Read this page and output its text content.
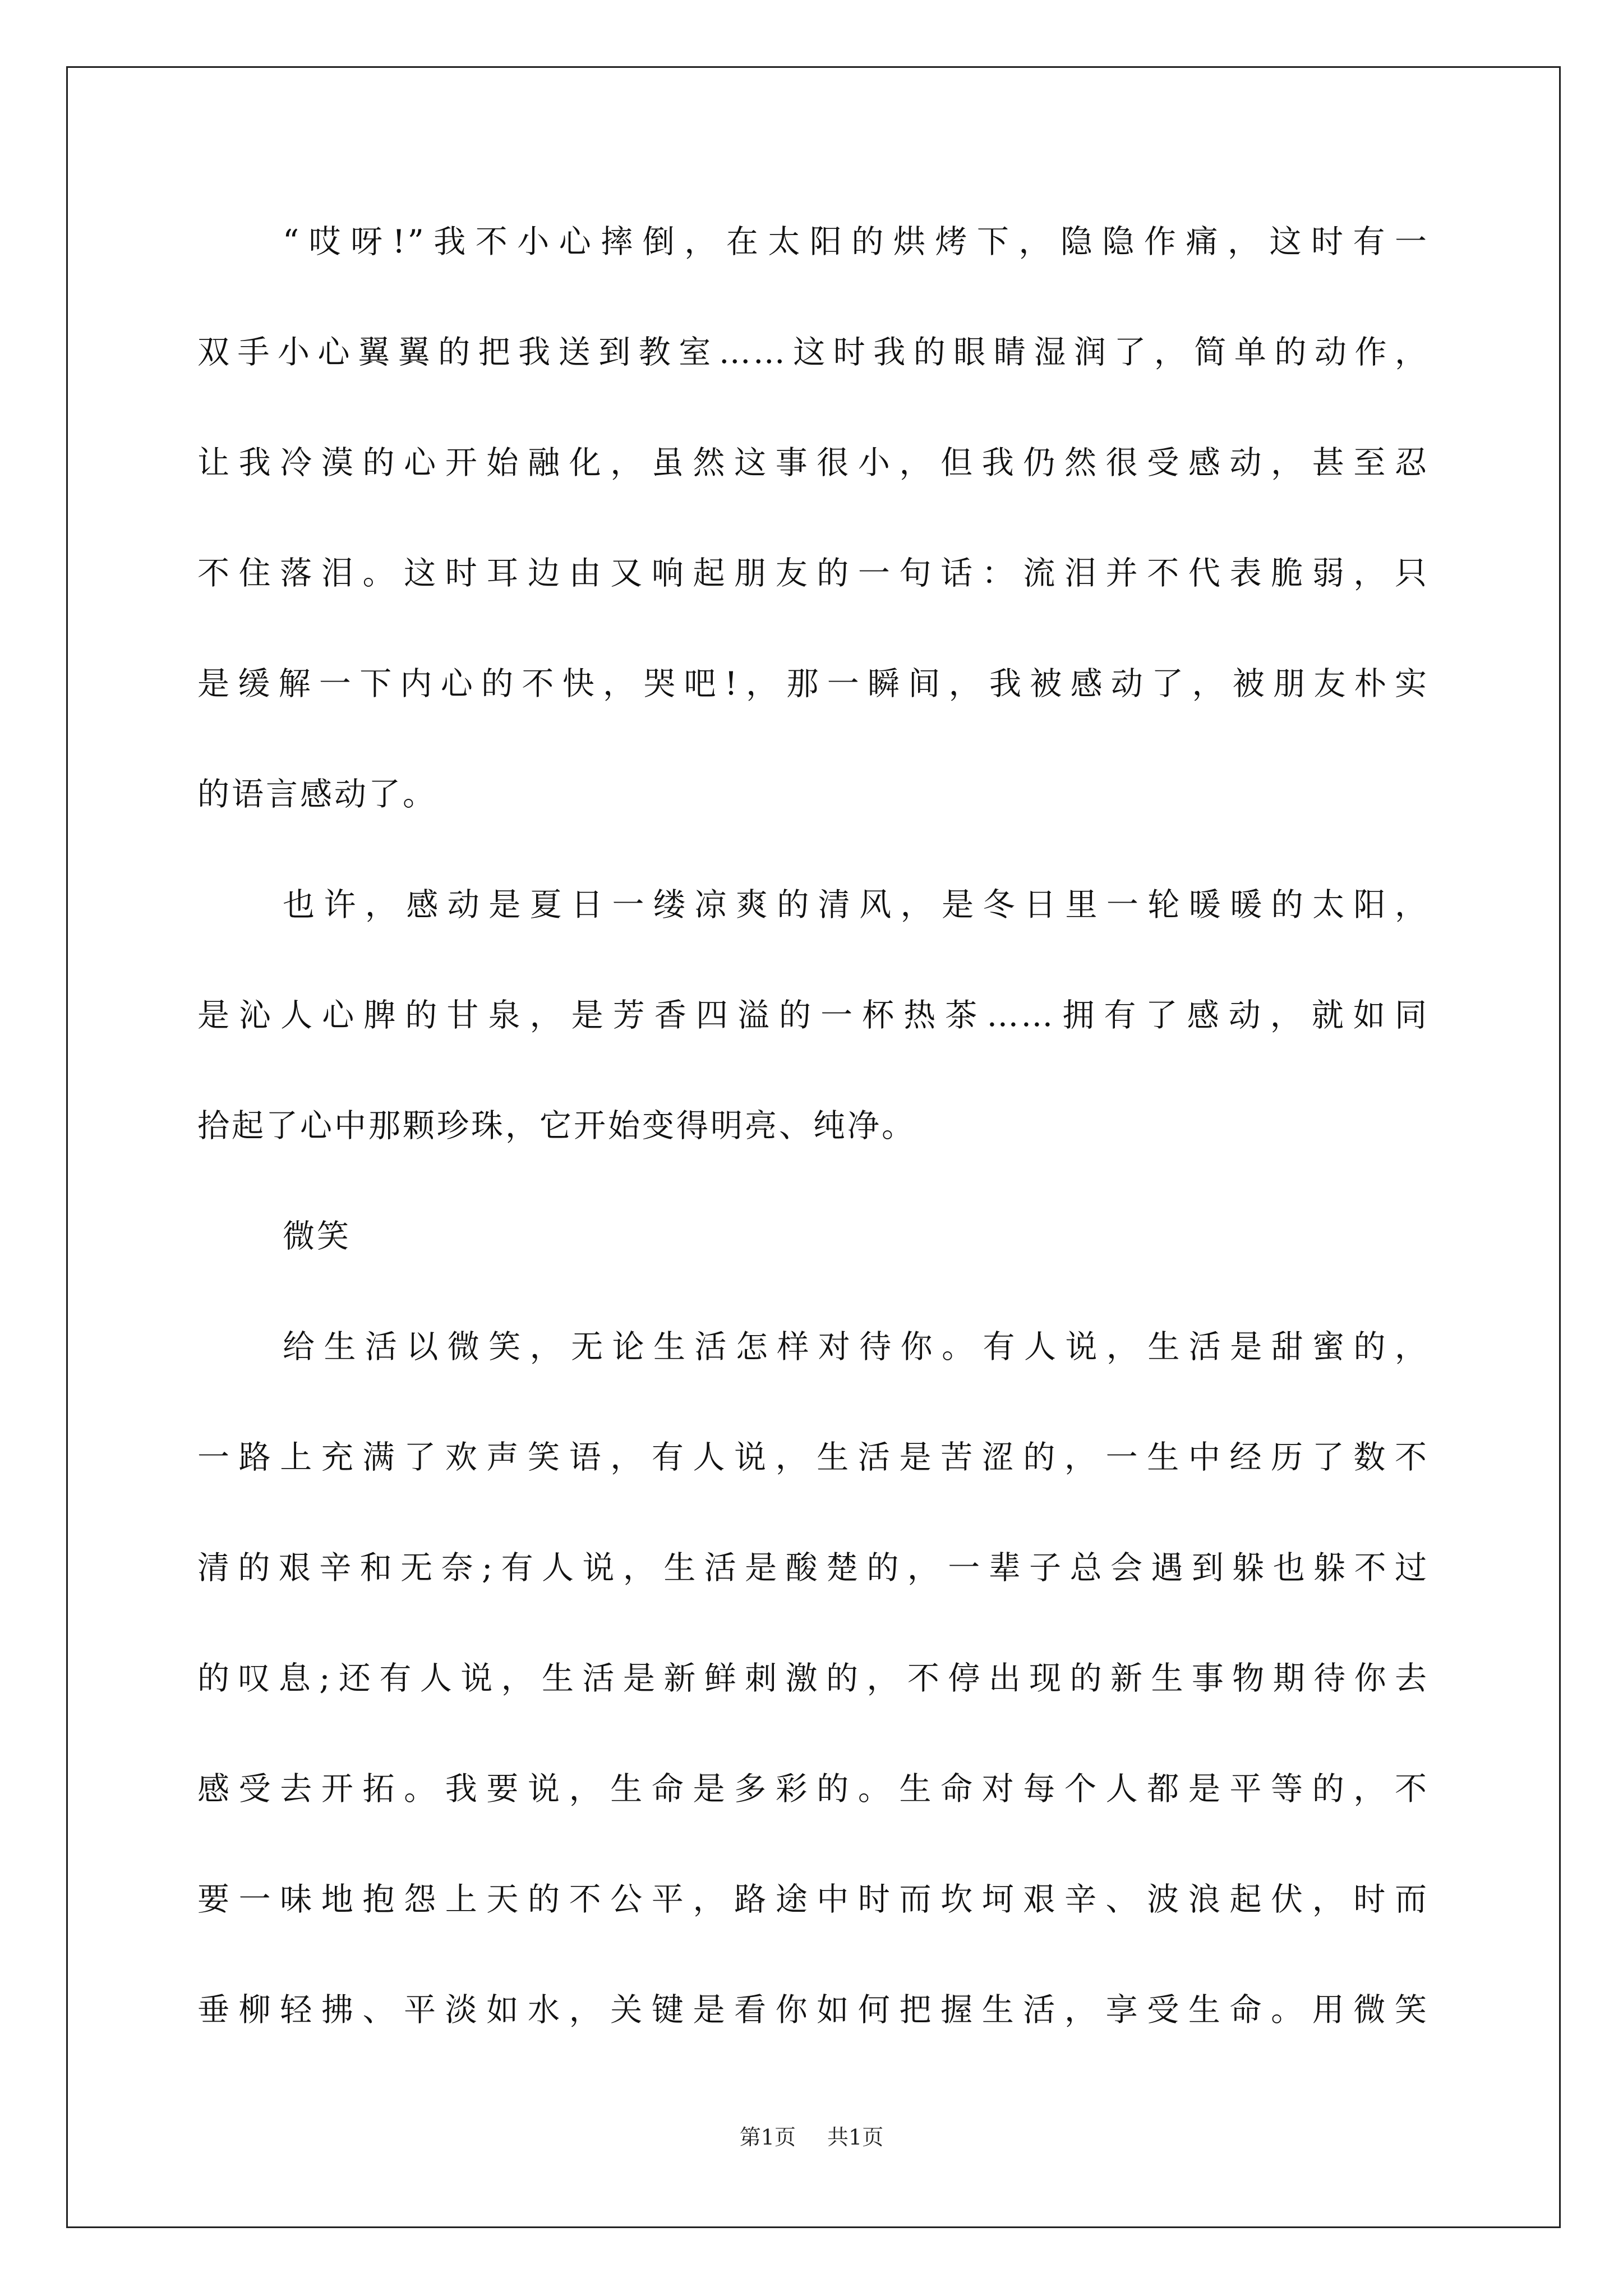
“哎呀!”我不小心摔倒，在太阳的烘烤下，隐隐作痛，这时有一
双手小心翼翼的把我送到教室……这时我的眼睛湿润了，简单的动作，
让我冷漠的心开始融化，虽然这事很小，但我仍然很受感动，甚至忍
不住落泪。这时耳边由又响起朋友的一句话：流泪并不代表脆弱，只
是缓解一下内心的不快，哭吧!，那一瞬间，我被感动了，被朋友朴实
的语言感动了。
也许，感动是夏日一缕凉爽的清风，是冬日里一轮暖暖的太阳，
是沁人心脾的甘泉，是芳香四溢的一杯热茶……拥有了感动，就如同
拾起了心中那颗珍珠，它开始变得明亮、纯净。
微笑
给生活以微笑，无论生活怎样对待你。有人说，生活是甜蜜的，
一路上充满了欢声笑语，有人说，生活是苦涩的，一生中经历了数不
清的艰辛和无奈;有人说，生活是酸楚的，一辈子总会遇到躲也躲不过
的叹息;还有人说，生活是新鲜刺激的，不停出现的新生事物期待你去
感受去开拓。我要说，生命是多彩的。生命对每个人都是平等的，不
要一味地抱怨上天的不公平，路途中时而坎坷艰辛、波浪起伏，时而
垂柳轻拂、平淡如水，关键是看你如何把握生活，享受生命。用微笑
第1页 共1页
